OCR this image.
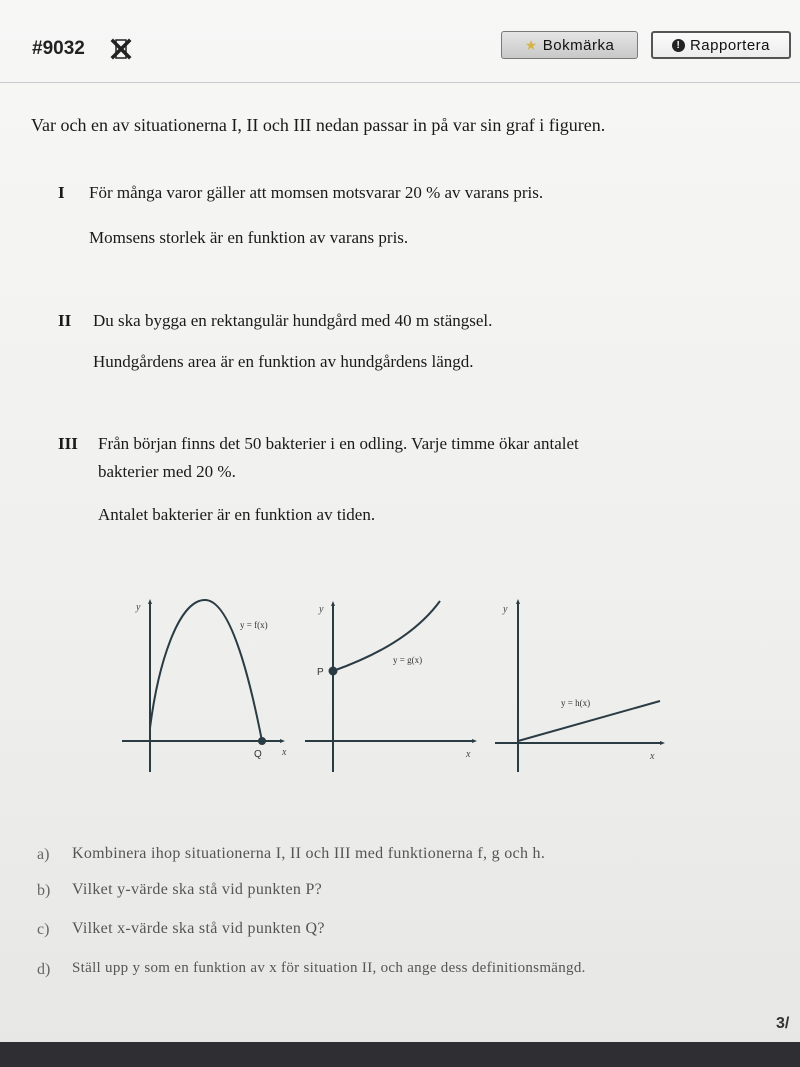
#9032	★ Bokmärka	! Rapportera
Var och en av situationerna I, II och III nedan passar in på var sin graf i figuren.
I För många varor gäller att momsen motsvarar 20 % av varans pris.
Momsens storlek är en funktion av varans pris.
II Du ska bygga en rektangulär hundgård med 40 m stängsel.
Hundgårdens area är en funktion av hundgårdens längd.
III Från början finns det 50 bakterier i en odling. Varje timme ökar antalet
bakterier med 20 %.
Antalet bakterier är en funktion av tiden.
y
x
y = f(x)
Q
y
x
y = g(x)
P
y
x
y = h(x)
a) Kombinera ihop situationerna I, II och III med funktionerna f, g och h.
b) Vilket y-värde ska stå vid punkten P?
c) Vilket x-värde ska stå vid punkten Q?
d) Ställ upp y som en funktion av x för situation II, och ange dess definitionsmängd.
3/
